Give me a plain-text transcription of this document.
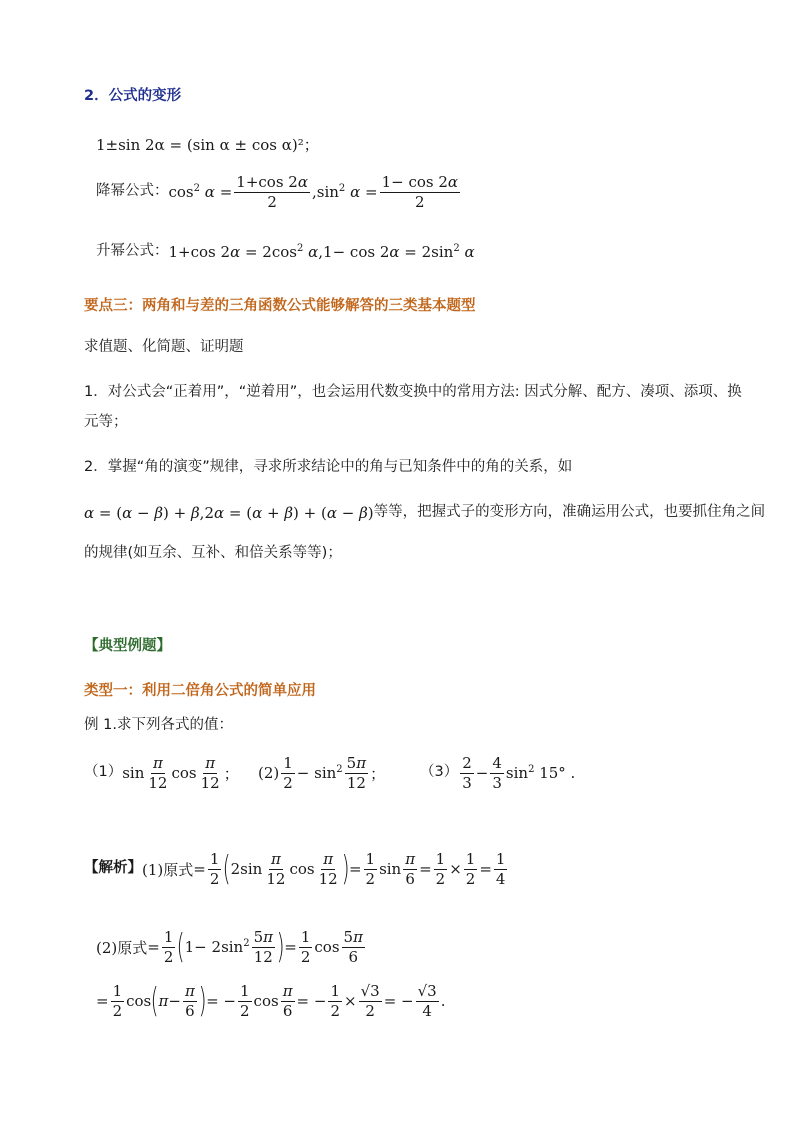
2．公式的变形
1±sin 2α = (sin α ± cos α)²；
降幂公式： $\cos^2 \alpha = \frac{1+\cos 2\alpha}{2} ,\sin^2$ $\alpha = \frac{1- \cos 2\alpha}{2}$
升幂公式： 1+cos $2\alpha = 2\cos^2$ $\alpha,1- \cos 2\alpha = 2\sin^2$ α
要点三：两角和与差的三角函数公式能够解答的三类基本题型
求值题、化简题、证明题
1．对公式会“正着用”，“逆着用”，也会运用代数变换中的常用方法: 因式分解、配方、凑项、添项、换
元等；
2．掌握“角的演变”规律，寻求所求结论中的角与已知条件中的角的关系，如
α = (α − β) + β,2α = (α + β) + (α − β) 等等，把握式子的变形方向，准确运用公式，也要抓住角之间
的规律(如互余、互补、和倍关系等等)；
【典型例题】
类型一：利用二倍角公式的简单应用
例 1.求下列各式的值：
（1） $\sin \frac{\pi}{12}$ $\cos \frac{\pi}{12}$ ； $(2) \frac{1}{2} - \sin^2 \frac{5\pi}{12}$ ； $(3) \frac{2}{3} - \frac{4}{3} \sin^2 15^\circ$ .
【解析】 (1)原式 = $\frac{1}{2}$ ( $2\sin \frac{\pi}{12}$ $\cos \frac{\pi}{12}$ ) = $\frac{1}{2}$ $\sin \frac{\pi}{6} = \frac{1}{2} \times \frac{1}{2} = \frac{1}{4}$
(2)原式 = $\frac{1}{2}$ ( $1- 2\sin^2 \frac{5\pi}{12}$ ) = $\frac{1}{2}$ $\cos \frac{5\pi}{6}$
= $\frac{1}{2}$ cos ( $\pi - \frac{\pi}{6}$ ) = − $\frac{1}{2}$ $\cos \frac{\pi}{6}$ = − $\frac{1}{2} \times \frac{√3}{2}$ = − $\frac{√3}{4}$ .
